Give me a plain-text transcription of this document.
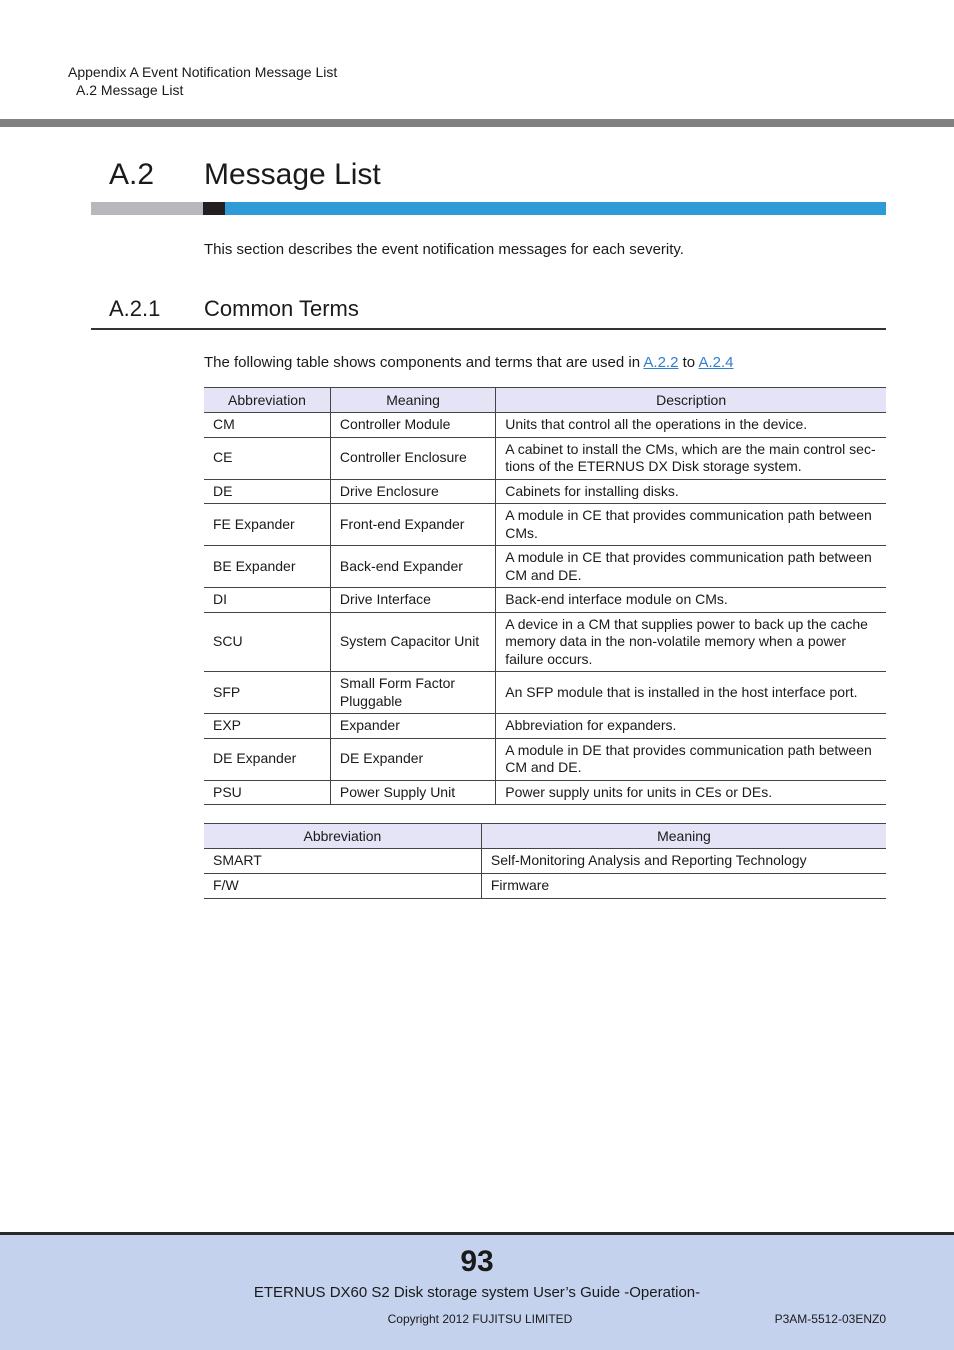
Appendix A Event Notification Message List
A.2 Message List
A.2 Message List
This section describes the event notification messages for each severity.
A.2.1 Common Terms
The following table shows components and terms that are used in A.2.2 to A.2.4
Abbreviation	Meaning	Description
CM	Controller Module	Units that control all the operations in the device.
CE	Controller Enclosure	A cabinet to install the CMs, which are the main control sec-tions of the ETERNUS DX Disk storage system.
DE	Drive Enclosure	Cabinets for installing disks.
FE Expander	Front-end Expander	A module in CE that provides communication path between CMs.
BE Expander	Back-end Expander	A module in CE that provides communication path between CM and DE.
DI	Drive Interface	Back-end interface module on CMs.
SCU	System Capacitor Unit	A device in a CM that supplies power to back up the cache memory data in the non-volatile memory when a power failure occurs.
SFP	Small Form Factor Pluggable	An SFP module that is installed in the host interface port.
EXP	Expander	Abbreviation for expanders.
DE Expander	DE Expander	A module in DE that provides communication path between CM and DE.
PSU	Power Supply Unit	Power supply units for units in CEs or DEs.
Abbreviation	Meaning
SMART	Self-Monitoring Analysis and Reporting Technology
F/W	Firmware
93
ETERNUS DX60 S2 Disk storage system User’s Guide -Operation-
Copyright 2012 FUJITSU LIMITED	P3AM-5512-03ENZ0
